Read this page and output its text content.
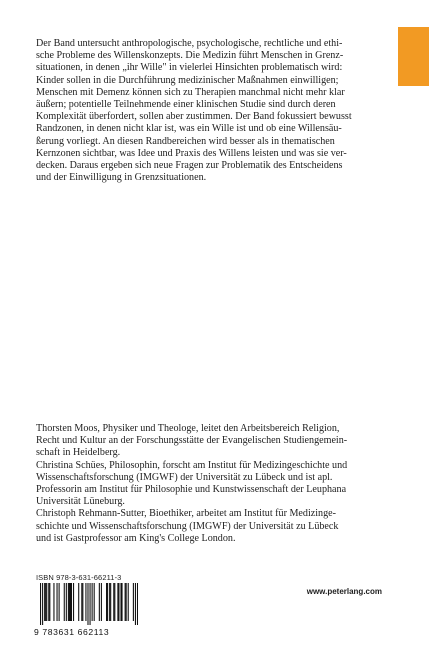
Der Band untersucht anthropologische, psychologische, rechtliche und ethi-
sche Probleme des Willenskonzepts. Die Medizin führt Menschen in Grenz-
situationen, in denen „ihr Wille" in vielerlei Hinsichten problematisch wird:
Kinder sollen in die Durchführung medizinischer Maßnahmen einwilligen;
Menschen mit Demenz können sich zu Therapien manchmal nicht mehr klar
äußern; potentielle Teilnehmende einer klinischen Studie sind durch deren
Komplexität überfordert, sollen aber zustimmen. Der Band fokussiert bewusst
Randzonen, in denen nicht klar ist, was ein Wille ist und ob eine Willensäu-
ßerung vorliegt. An diesen Randbereichen wird besser als in thematischen
Kernzonen sichtbar, was Idee und Praxis des Willens leisten und was sie ver-
decken. Daraus ergeben sich neue Fragen zur Problematik des Entscheidens
und der Einwilligung in Grenzsituationen.

Thorsten Moos, Physiker und Theologe, leitet den Arbeitsbereich Religion,
Recht und Kultur an der Forschungsstätte der Evangelischen Studiengemein-
schaft in Heidelberg.

Christina Schües, Philosophin, forscht am Institut für Medizingeschichte und
Wissenschaftsforschung (IMGWF) der Universität zu Lübeck und ist apl.
Professorin am Institut für Philosophie und Kunstwissenschaft der Leuphana
Universität Lüneburg.

Christoph Rehmann-Sutter, Bioethiker, arbeitet am Institut für Medizinge-
schichte und Wissenschaftsforschung (IMGWF) der Universität zu Lübeck
und ist Gastprofessor am King's College London.

ISBN 978-3-631-66211-3
www.peterlang.com
9 783631 662113
